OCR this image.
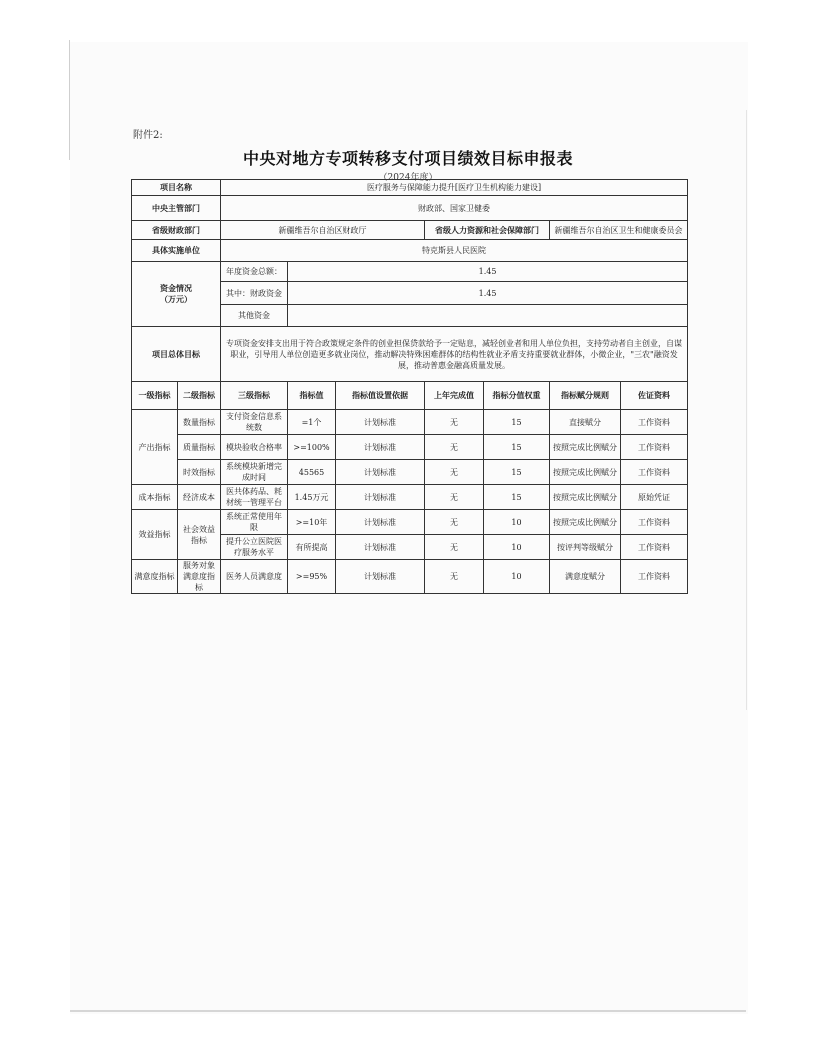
附件2:
中央对地方专项转移支付项目绩效目标申报表
（2024年度）
项目名称		医疗服务与保障能力提升[医疗卫生机构能力建设]						
中央主管部门		财政部、国家卫健委						
省级财政部门		新疆维吾尔自治区财政厅			省级人力资源和社会保障部门		新疆维吾尔自治区卫生和健康委员会	
具体实施单位		特克斯县人民医院						
资金情况
（万元）		年度资金总额：	1.45					
		其中：财政资金	1.45					
		其他资金						
项目总体目标		专项资金安排支出用于符合政策规定条件的创业担保贷款给予一定贴息，减轻创业者和用人单位负担，支持劳动者自主创业，自谋职业，引导用人单位创造更多就业岗位，推动解决特殊困难群体的结构性就业矛盾支持重要就业群体，小微企业，"三农"融资发展，推动普惠金融高质量发展。						
一级指标	二级指标	三级指标	指标值	指标值设置依据	上年完成值	指标分值权重	指标赋分规则	佐证资料
产出指标	数量指标	支付资金信息系统数	=1个	计划标准	无	15	直接赋分	工作资料
	质量指标	模块验收合格率	>=100%	计划标准	无	15	按照完成比例赋分	工作资料
	时效指标	系统模块新增完成时间	45565	计划标准	无	15	按照完成比例赋分	工作资料
成本指标	经济成本	医共体药品、耗材统一管理平台	1.45万元	计划标准	无	15	按照完成比例赋分	原始凭证
效益指标	社会效益指标	系统正常使用年限	>=10年	计划标准	无	10	按照完成比例赋分	工作资料
		提升公立医院医疗服务水平	有所提高	计划标准	无	10	按评判等级赋分	工作资料
满意度指标	服务对象满意度指标	医务人员满意度	>=95%	计划标准	无	10	满意度赋分	工作资料
